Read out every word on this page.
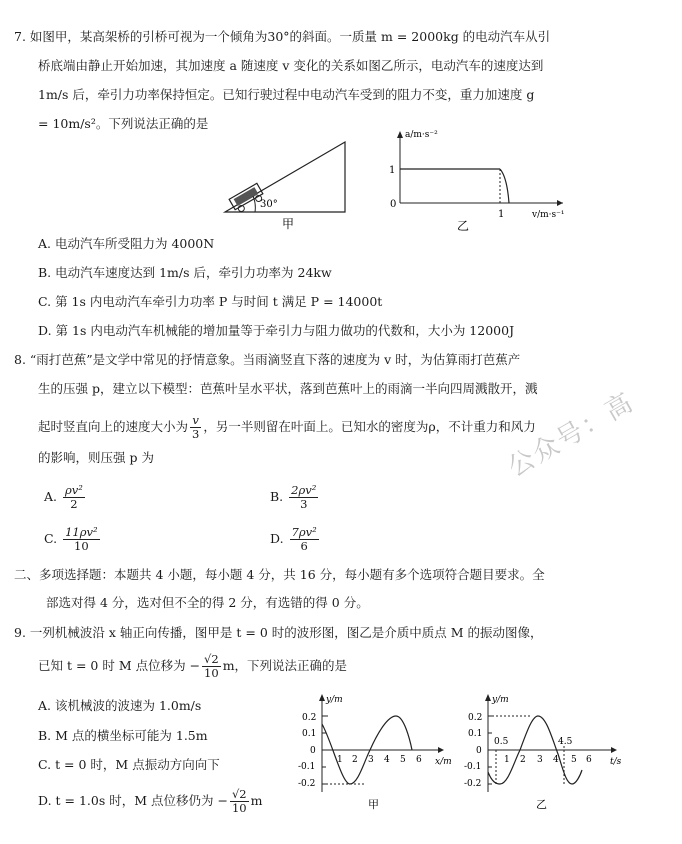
7. 如图甲，某高架桥的引桥可视为一个倾角为30°的斜面。一质量 m = 2000kg 的电动汽车从引
桥底端由静止开始加速，其加速度 a 随速度 v 变化的关系如图乙所示，电动汽车的速度达到
1m/s 后，牵引力功率保持恒定。已知行驶过程中电动汽车受到的阻力不变，重力加速度 g
= 10m/s²。下列说法正确的是
30°
甲
a/m·s⁻²
v/m·s⁻¹
1
1
0
乙
A. 电动汽车所受阻力为 4000N
B. 电动汽车速度达到 1m/s 后，牵引力功率为 24kw
C. 第 1s 内电动汽车牵引力功率 P 与时间 t 满足 P = 14000t
D. 第 1s 内电动汽车机械能的增加量等于牵引力与阻力做功的代数和，大小为 12000J
8. “雨打芭蕉”是文学中常见的抒情意象。当雨滴竖直下落的速度为 v 时，为估算雨打芭蕉产
生的压强 p，建立以下模型：芭蕉叶呈水平状，落到芭蕉叶上的雨滴一半向四周溅散开，溅
起时竖直向上的速度大小为 $\frac{v}{3}$ ，另一半则留在叶面上。已知水的密度为ρ，不计重力和风力
的影响，则压强 p 为
A. $\frac{\text{ρv²}}{2}$	B. $\frac{\text{2ρv²}}{3}$
C. $\frac{\text{11ρv²}}{10}$	D. $\frac{\text{7ρv²}}{6}$
公众号：高
二、多项选择题：本题共 4 小题，每小题 4 分，共 16 分，每小题有多个选项符合题目要求。全
部选对得 4 分，选对但不全的得 2 分，有选错的得 0 分。
9. 一列机械波沿 x 轴正向传播，图甲是 t = 0 时的波形图，图乙是介质中质点 M 的振动图像，
已知 t = 0 时 M 点位移为 − $\frac{√2}{10}$ m，下列说法正确的是
A. 该机械波的波速为 1.0m/s
B. M 点的横坐标可能为 1.5m
C. t = 0 时，M 点振动方向向下
D. t = 1.0s 时，M 点位移仍为 − $\frac{√2}{10}$ m
y/m
x/m
0.2
0.1
0
-0.1
-0.2
1 2 3 4 5 6
甲
y/m
t/s
0.2
0.1
0
-0.1
-0.2
1 2 3 4 5 6
0.5	4.5
乙
